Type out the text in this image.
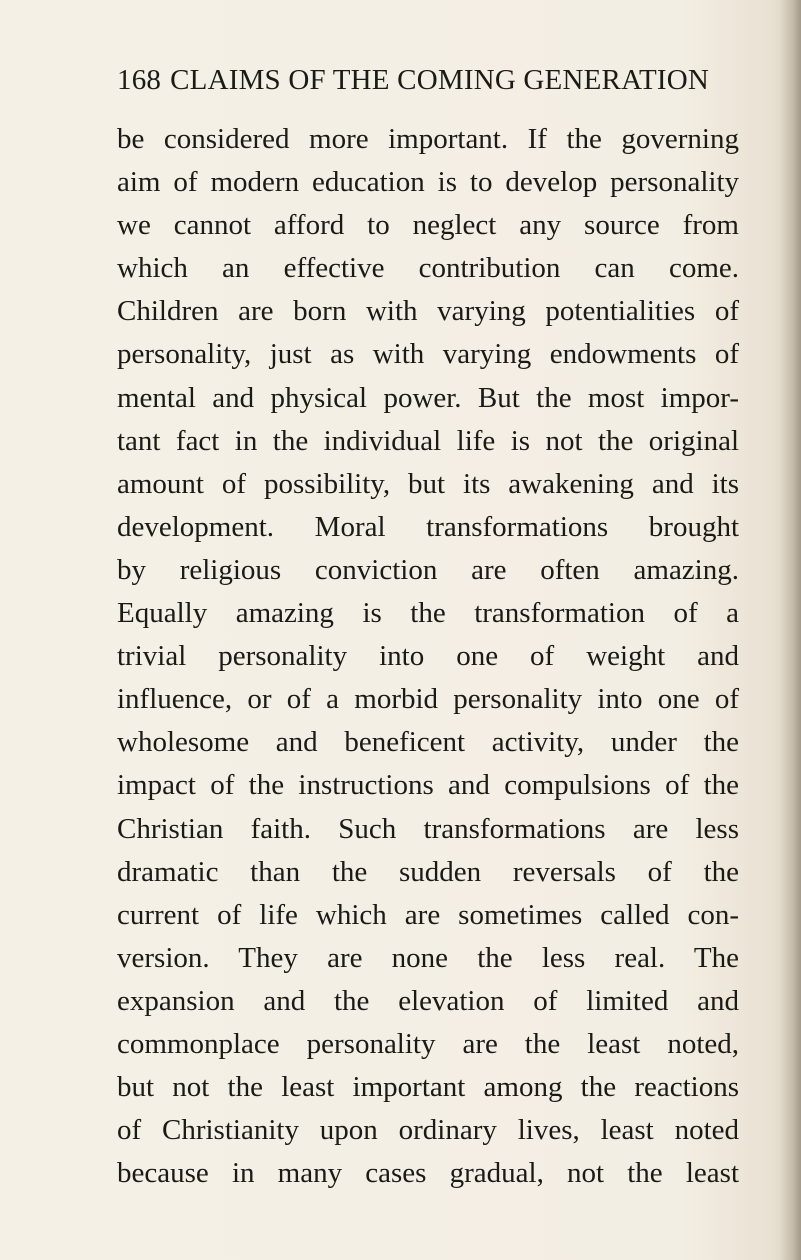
168 CLAIMS OF THE COMING GENERATION
be considered more important. If the governing
aim of modern education is to develop personality
we cannot afford to neglect any source from
which an effective contribution can come.
Children are born with varying potentialities of
personality, just as with varying endowments of
mental and physical power. But the most impor-
tant fact in the individual life is not the original
amount of possibility, but its awakening and its
development. Moral transformations brought
by religious conviction are often amazing.
Equally amazing is the transformation of a
trivial personality into one of weight and
influence, or of a morbid personality into one of
wholesome and beneficent activity, under the
impact of the instructions and compulsions of the
Christian faith. Such transformations are less
dramatic than the sudden reversals of the
current of life which are sometimes called con-
version. They are none the less real. The
expansion and the elevation of limited and
commonplace personality are the least noted,
but not the least important among the reactions
of Christianity upon ordinary lives, least noted
because in many cases gradual, not the least
